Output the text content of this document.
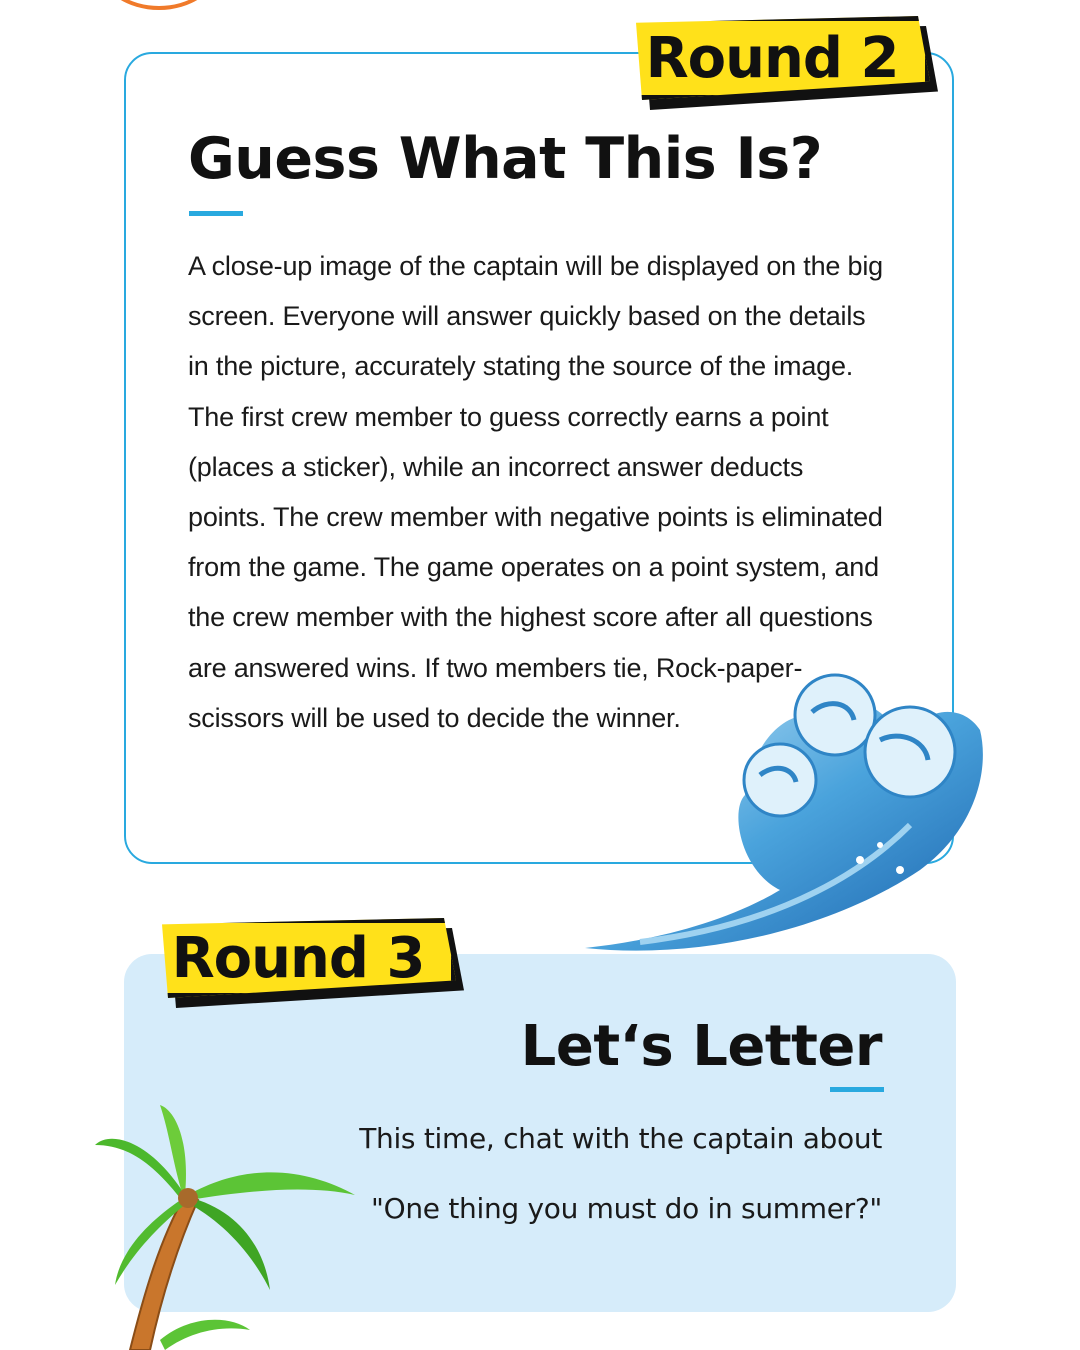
Round 2
Guess What This Is?

A close-up image of the captain will be displayed on the big screen. Everyone will answer quickly based on the details in the picture, accurately stating the source of the image.

The first crew member to guess correctly earns a point (places a sticker), while an incorrect answer deducts points. The crew member with negative points is eliminated from the game. The game operates on a point system, and the crew member with the highest score after all questions are answered wins. If two members tie, Rock-paper-scissors will be used to decide the winner.

Round 3
Let‘s Letter

This time, chat with the captain about

"One thing you must do in summer?"
